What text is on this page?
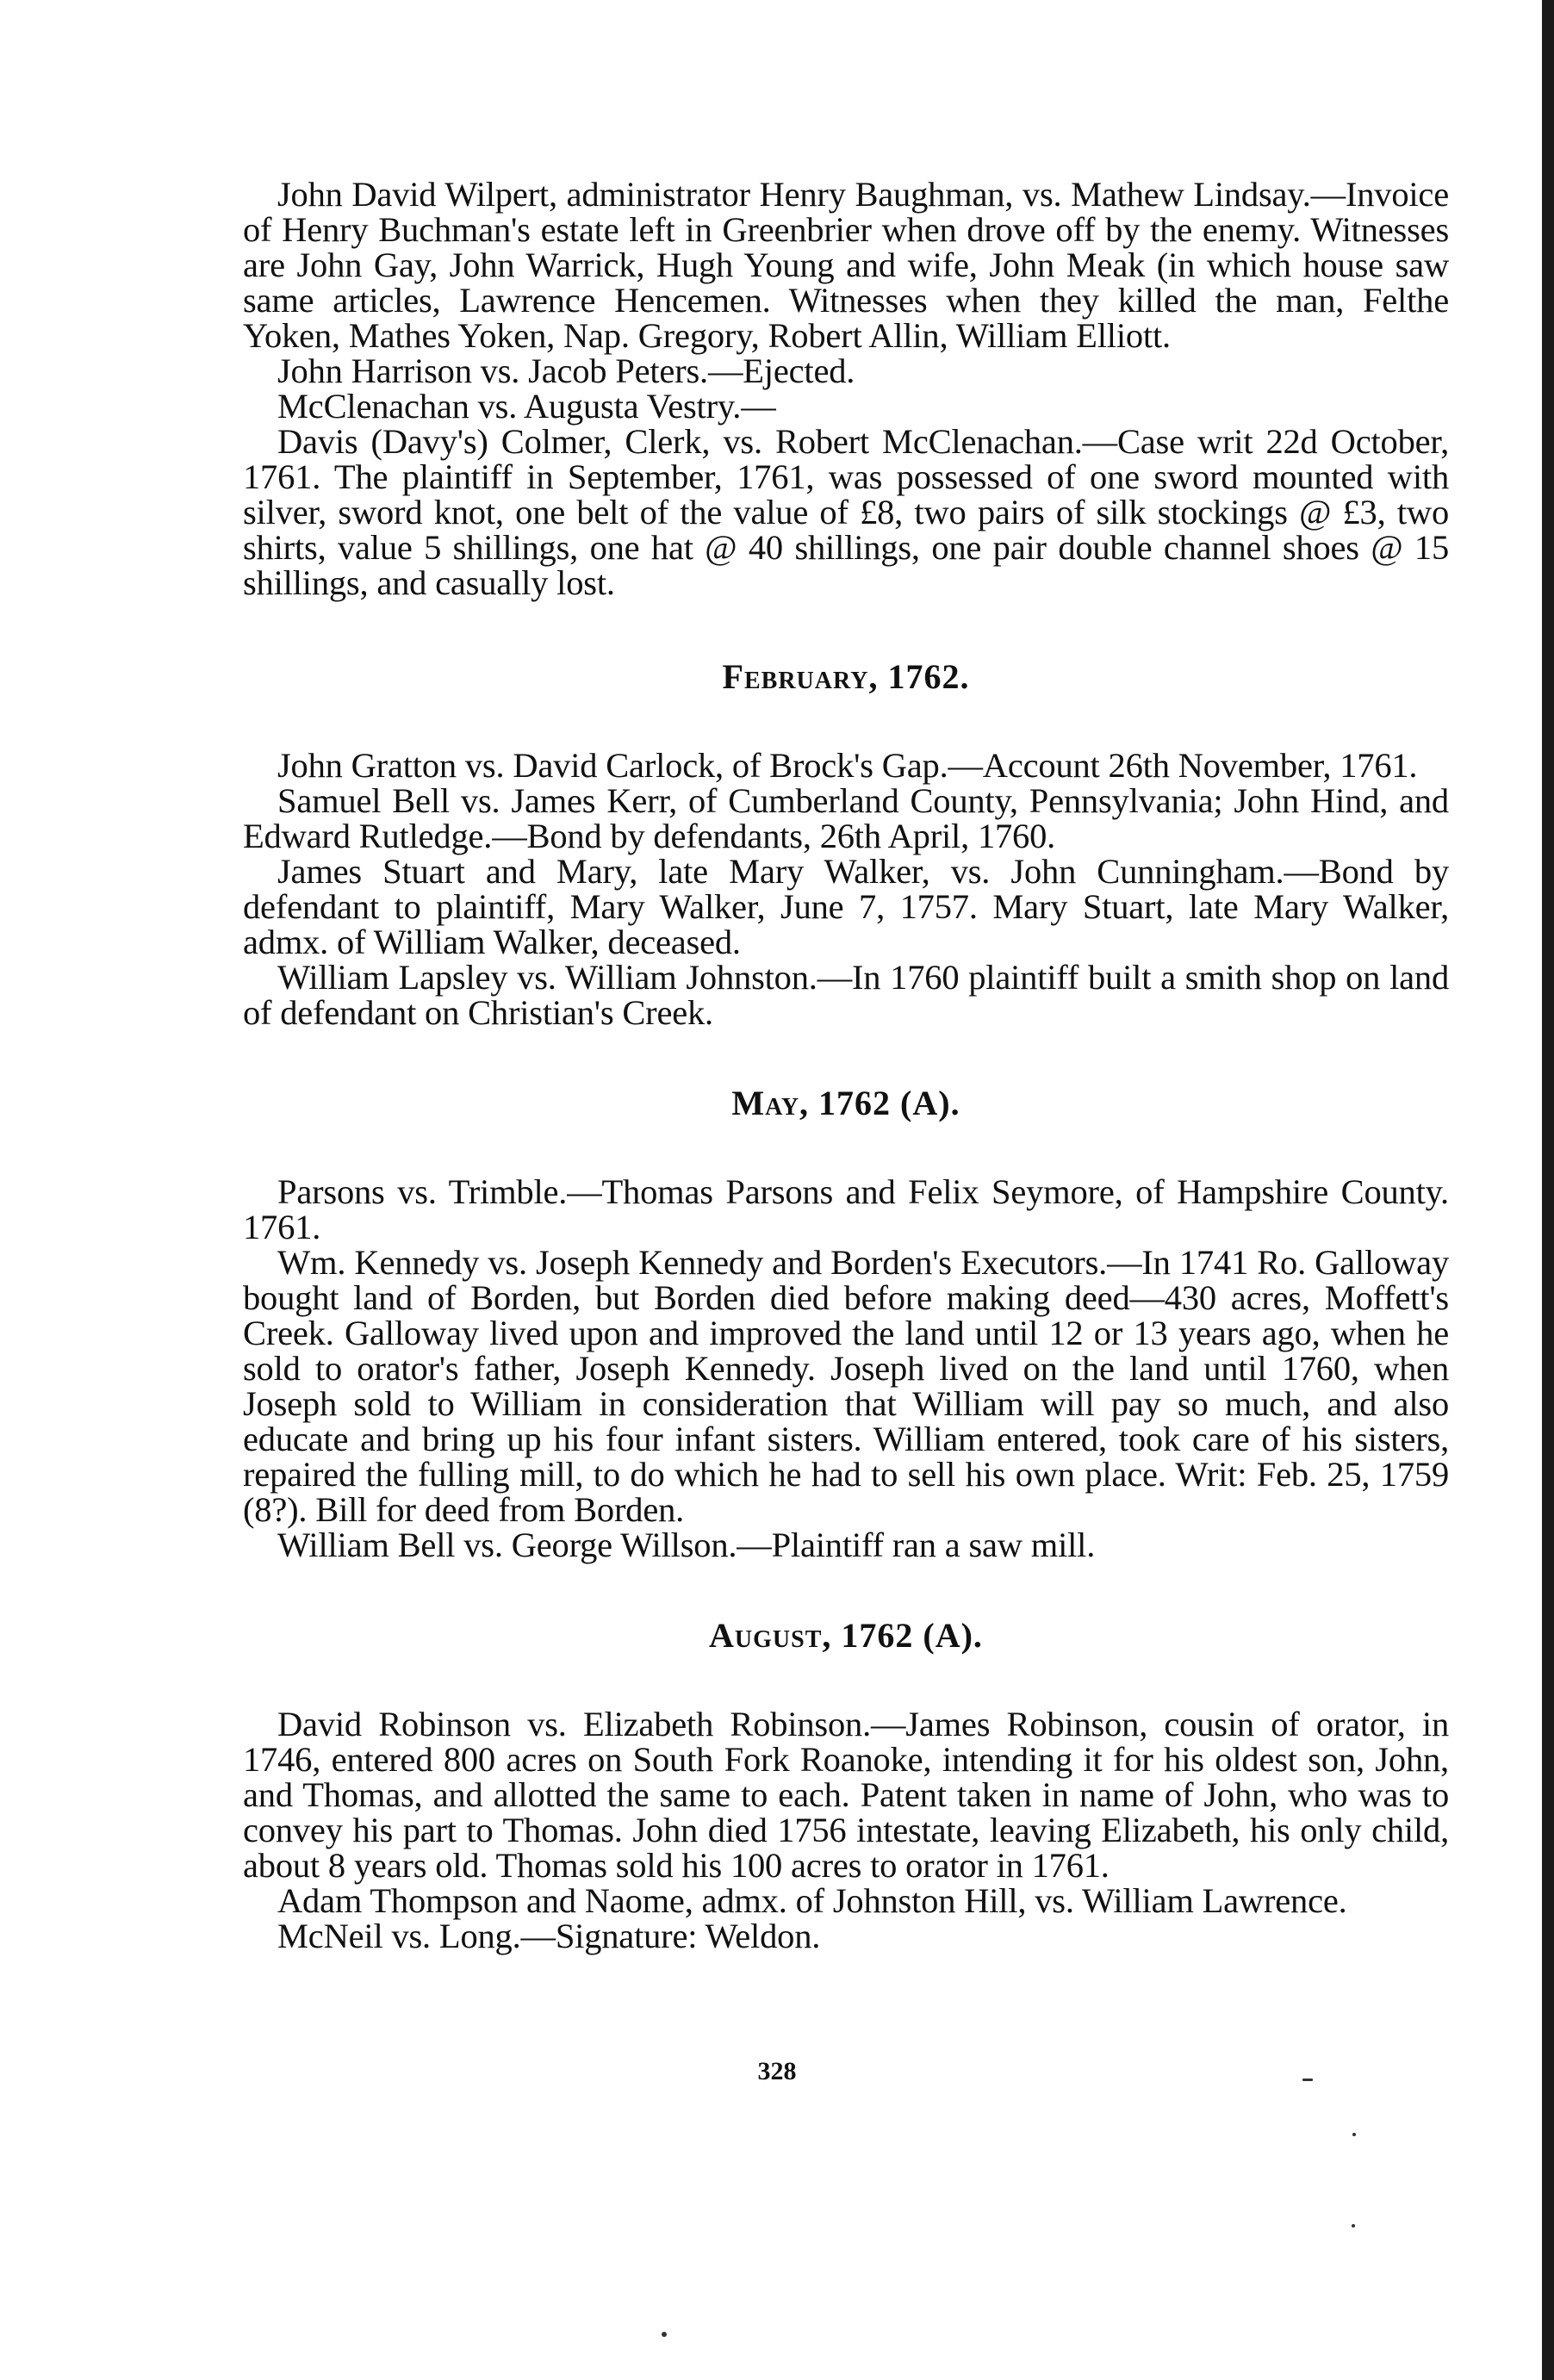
John David Wilpert, administrator Henry Baughman, vs. Mathew Lindsay.—Invoice of Henry Buchman's estate left in Greenbrier when drove off by the enemy. Witnesses are John Gay, John Warrick, Hugh Young and wife, John Meak (in which house saw same articles, Lawrence Hencemen. Witnesses when they killed the man, Felthe Yoken, Mathes Yoken, Nap. Gregory, Robert Allin, William Elliott.

John Harrison vs. Jacob Peters.—Ejected.

McClenachan vs. Augusta Vestry.—

Davis (Davy's) Colmer, Clerk, vs. Robert McClenachan.—Case writ 22d October, 1761. The plaintiff in September, 1761, was possessed of one sword mounted with silver, sword knot, one belt of the value of £8, two pairs of silk stockings @ £3, two shirts, value 5 shillings, one hat @ 40 shillings, one pair double channel shoes @ 15 shillings, and casually lost.

February, 1762.

John Gratton vs. David Carlock, of Brock's Gap.—Account 26th November, 1761.

Samuel Bell vs. James Kerr, of Cumberland County, Pennsylvania; John Hind, and Edward Rutledge.—Bond by defendants, 26th April, 1760.

James Stuart and Mary, late Mary Walker, vs. John Cunningham.—Bond by defendant to plaintiff, Mary Walker, June 7, 1757. Mary Stuart, late Mary Walker, admx. of William Walker, deceased.

William Lapsley vs. William Johnston.—In 1760 plaintiff built a smith shop on land of defendant on Christian's Creek.

May, 1762 (A).

Parsons vs. Trimble.—Thomas Parsons and Felix Seymore, of Hampshire County. 1761.

Wm. Kennedy vs. Joseph Kennedy and Borden's Executors.—In 1741 Ro. Galloway bought land of Borden, but Borden died before making deed—430 acres, Moffett's Creek. Galloway lived upon and improved the land until 12 or 13 years ago, when he sold to orator's father, Joseph Kennedy. Joseph lived on the land until 1760, when Joseph sold to William in consideration that William will pay so much, and also educate and bring up his four infant sisters. William entered, took care of his sisters, repaired the fulling mill, to do which he had to sell his own place. Writ: Feb. 25, 1759 (8?). Bill for deed from Borden.

William Bell vs. George Willson.—Plaintiff ran a saw mill.

August, 1762 (A).

David Robinson vs. Elizabeth Robinson.—James Robinson, cousin of orator, in 1746, entered 800 acres on South Fork Roanoke, intending it for his oldest son, John, and Thomas, and allotted the same to each. Patent taken in name of John, who was to convey his part to Thomas. John died 1756 intestate, leaving Elizabeth, his only child, about 8 years old. Thomas sold his 100 acres to orator in 1761.

Adam Thompson and Naome, admx. of Johnston Hill, vs. William Lawrence.

McNeil vs. Long.—Signature: Weldon.

328
